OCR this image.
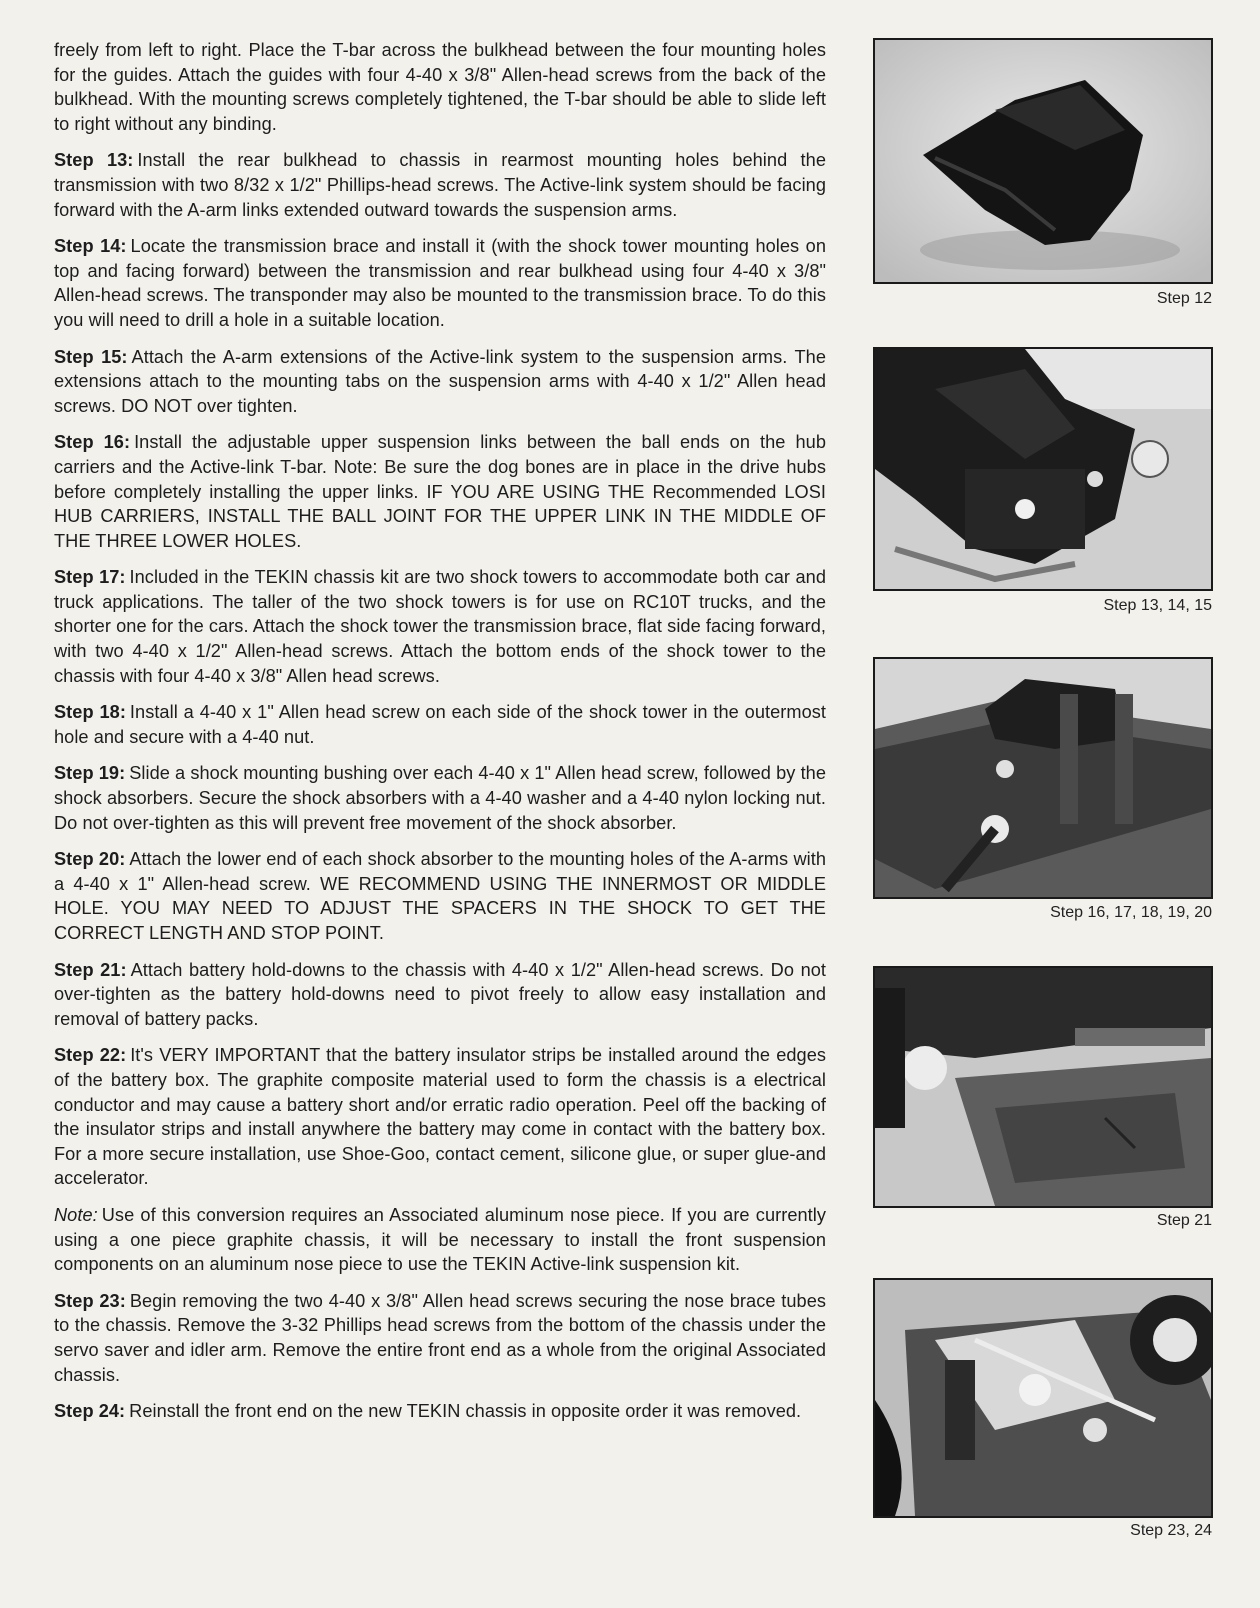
freely from left to right. Place the T-bar across the bulkhead between the four mounting holes for the guides. Attach the guides with four 4-40 x 3/8" Allen-head screws from the back of the bulkhead. With the mounting screws completely tightened, the T-bar should be able to slide left to right without any binding.

Step 13: Install the rear bulkhead to chassis in rearmost mounting holes behind the transmission with two 8/32 x 1/2" Phillips-head screws. The Active-link system should be facing forward with the A-arm links extended outward towards the suspension arms.

Step 14: Locate the transmission brace and install it (with the shock tower mounting holes on top and facing forward) between the transmission and rear bulkhead using four 4-40 x 3/8" Allen-head screws. The transponder may also be mounted to the transmission brace. To do this you will need to drill a hole in a suitable location.

Step 15: Attach the A-arm extensions of the Active-link system to the suspension arms. The extensions attach to the mounting tabs on the suspension arms with 4-40 x 1/2" Allen head screws. DO NOT over tighten.

Step 16: Install the adjustable upper suspension links between the ball ends on the hub carriers and the Active-link T-bar. Note: Be sure the dog bones are in place in the drive hubs before completely installing the upper links. IF YOU ARE USING THE Recommended LOSI HUB CARRIERS, INSTALL THE BALL JOINT FOR THE UPPER LINK IN THE MIDDLE OF THE THREE LOWER HOLES.

Step 17: Included in the TEKIN chassis kit are two shock towers to accommodate both car and truck applications. The taller of the two shock towers is for use on RC10T trucks, and the shorter one for the cars. Attach the shock tower the transmission brace, flat side facing forward, with two 4-40 x 1/2" Allen-head screws. Attach the bottom ends of the shock tower to the chassis with four 4-40 x 3/8" Allen head screws.

Step 18: Install a 4-40 x 1" Allen head screw on each side of the shock tower in the outermost hole and secure with a 4-40 nut.

Step 19: Slide a shock mounting bushing over each 4-40 x 1" Allen head screw, followed by the shock absorbers. Secure the shock absorbers with a 4-40 washer and a 4-40 nylon locking nut. Do not over-tighten as this will prevent free movement of the shock absorber.

Step 20: Attach the lower end of each shock absorber to the mounting holes of the A-arms with a 4-40 x 1" Allen-head screw. WE RECOMMEND USING THE INNERMOST OR MIDDLE HOLE. YOU MAY NEED TO ADJUST THE SPACERS IN THE SHOCK TO GET THE CORRECT LENGTH AND STOP POINT.

Step 21: Attach battery hold-downs to the chassis with 4-40 x 1/2" Allen-head screws. Do not over-tighten as the battery hold-downs need to pivot freely to allow easy installation and removal of battery packs.

Step 22: It's VERY IMPORTANT that the battery insulator strips be installed around the edges of the battery box. The graphite composite material used to form the chassis is a electrical conductor and may cause a battery short and/or erratic radio operation. Peel off the backing of the insulator strips and install anywhere the battery may come in contact with the battery box. For a more secure installation, use Shoe-Goo, contact cement, silicone glue, or super glue-and accelerator.

Note: Use of this conversion requires an Associated aluminum nose piece. If you are currently using a one piece graphite chassis, it will be necessary to install the front suspension components on an aluminum nose piece to use the TEKIN Active-link suspension kit.

Step 23: Begin removing the two 4-40 x 3/8" Allen head screws securing the nose brace tubes to the chassis. Remove the 3-32 Phillips head screws from the bottom of the chassis under the servo saver and idler arm. Remove the entire front end as a whole from the original Associated chassis.

Step 24: Reinstall the front end on the new TEKIN chassis in opposite order it was removed.

Step 12
Step 13, 14, 15
Step 16, 17, 18, 19, 20
Step 21
Step 23, 24
